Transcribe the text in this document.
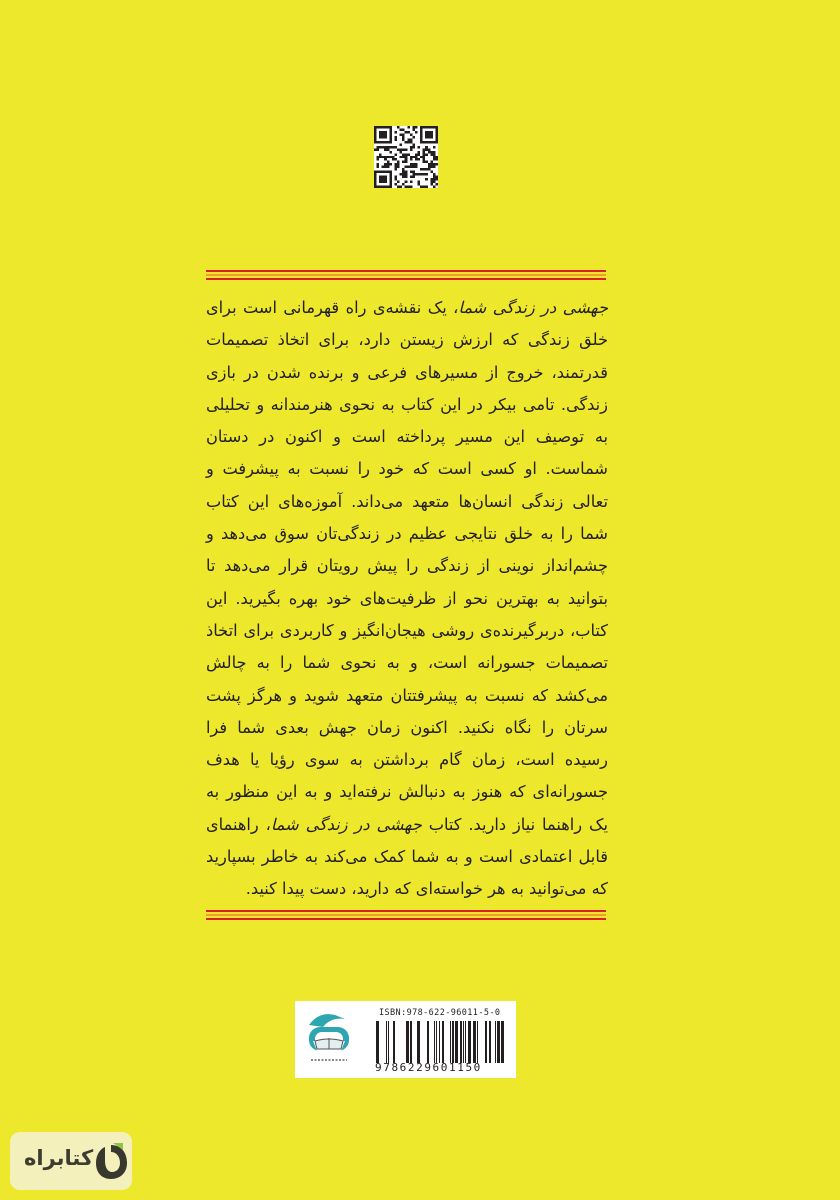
جهشی در زندگی شما، یک نقشه‌ی راه قهرمانی است برای خلق زندگی که ارزش زیستن دارد، برای اتخاذ تصمیمات قدرتمند، خروج از مسیرهای فرعی و برنده شدن در بازی زندگی. تامی بیکر در این کتاب به نحوی هنرمندانه و تحلیلی به توصیف این مسیر پرداخته است و اکنون در دستان شماست. او کسی است که خود را نسبت به پیشرفت و تعالی زندگی انسان‌ها متعهد می‌داند. آموزه‌های این کتاب شما را به خلق نتایجی عظیم در زندگی‌تان سوق می‌دهد و چشم‌انداز نوینی از زندگی را پیش رویتان قرار می‌دهد تا بتوانید به بهترین نحو از ظرفیت‌های خود بهره بگیرید. این کتاب، دربرگیرنده‌ی روشی هیجان‌انگیز و کاربردی برای اتخاذ تصمیمات جسورانه است، و به نحوی شما را به چالش می‌کشد که نسبت به پیشرفتتان متعهد شوید و هرگز پشت سرتان را نگاه نکنید. اکنون زمان جهش بعدی شما فرا رسیده است، زمان گام برداشتن به سوی رؤیا یا هدف جسورانه‌ای که هنوز به دنبالش نرفته‌اید و به این منظور به یک راهنما نیاز دارید. کتاب جهشی در زندگی شما، راهنمای قابل اعتمادی است و به شما کمک می‌کند به خاطر بسپارید که می‌توانید به هر خواسته‌ای که دارید، دست پیدا کنید.

ISBN:978-622-96011-5-0
9786229601150
کتابراه
